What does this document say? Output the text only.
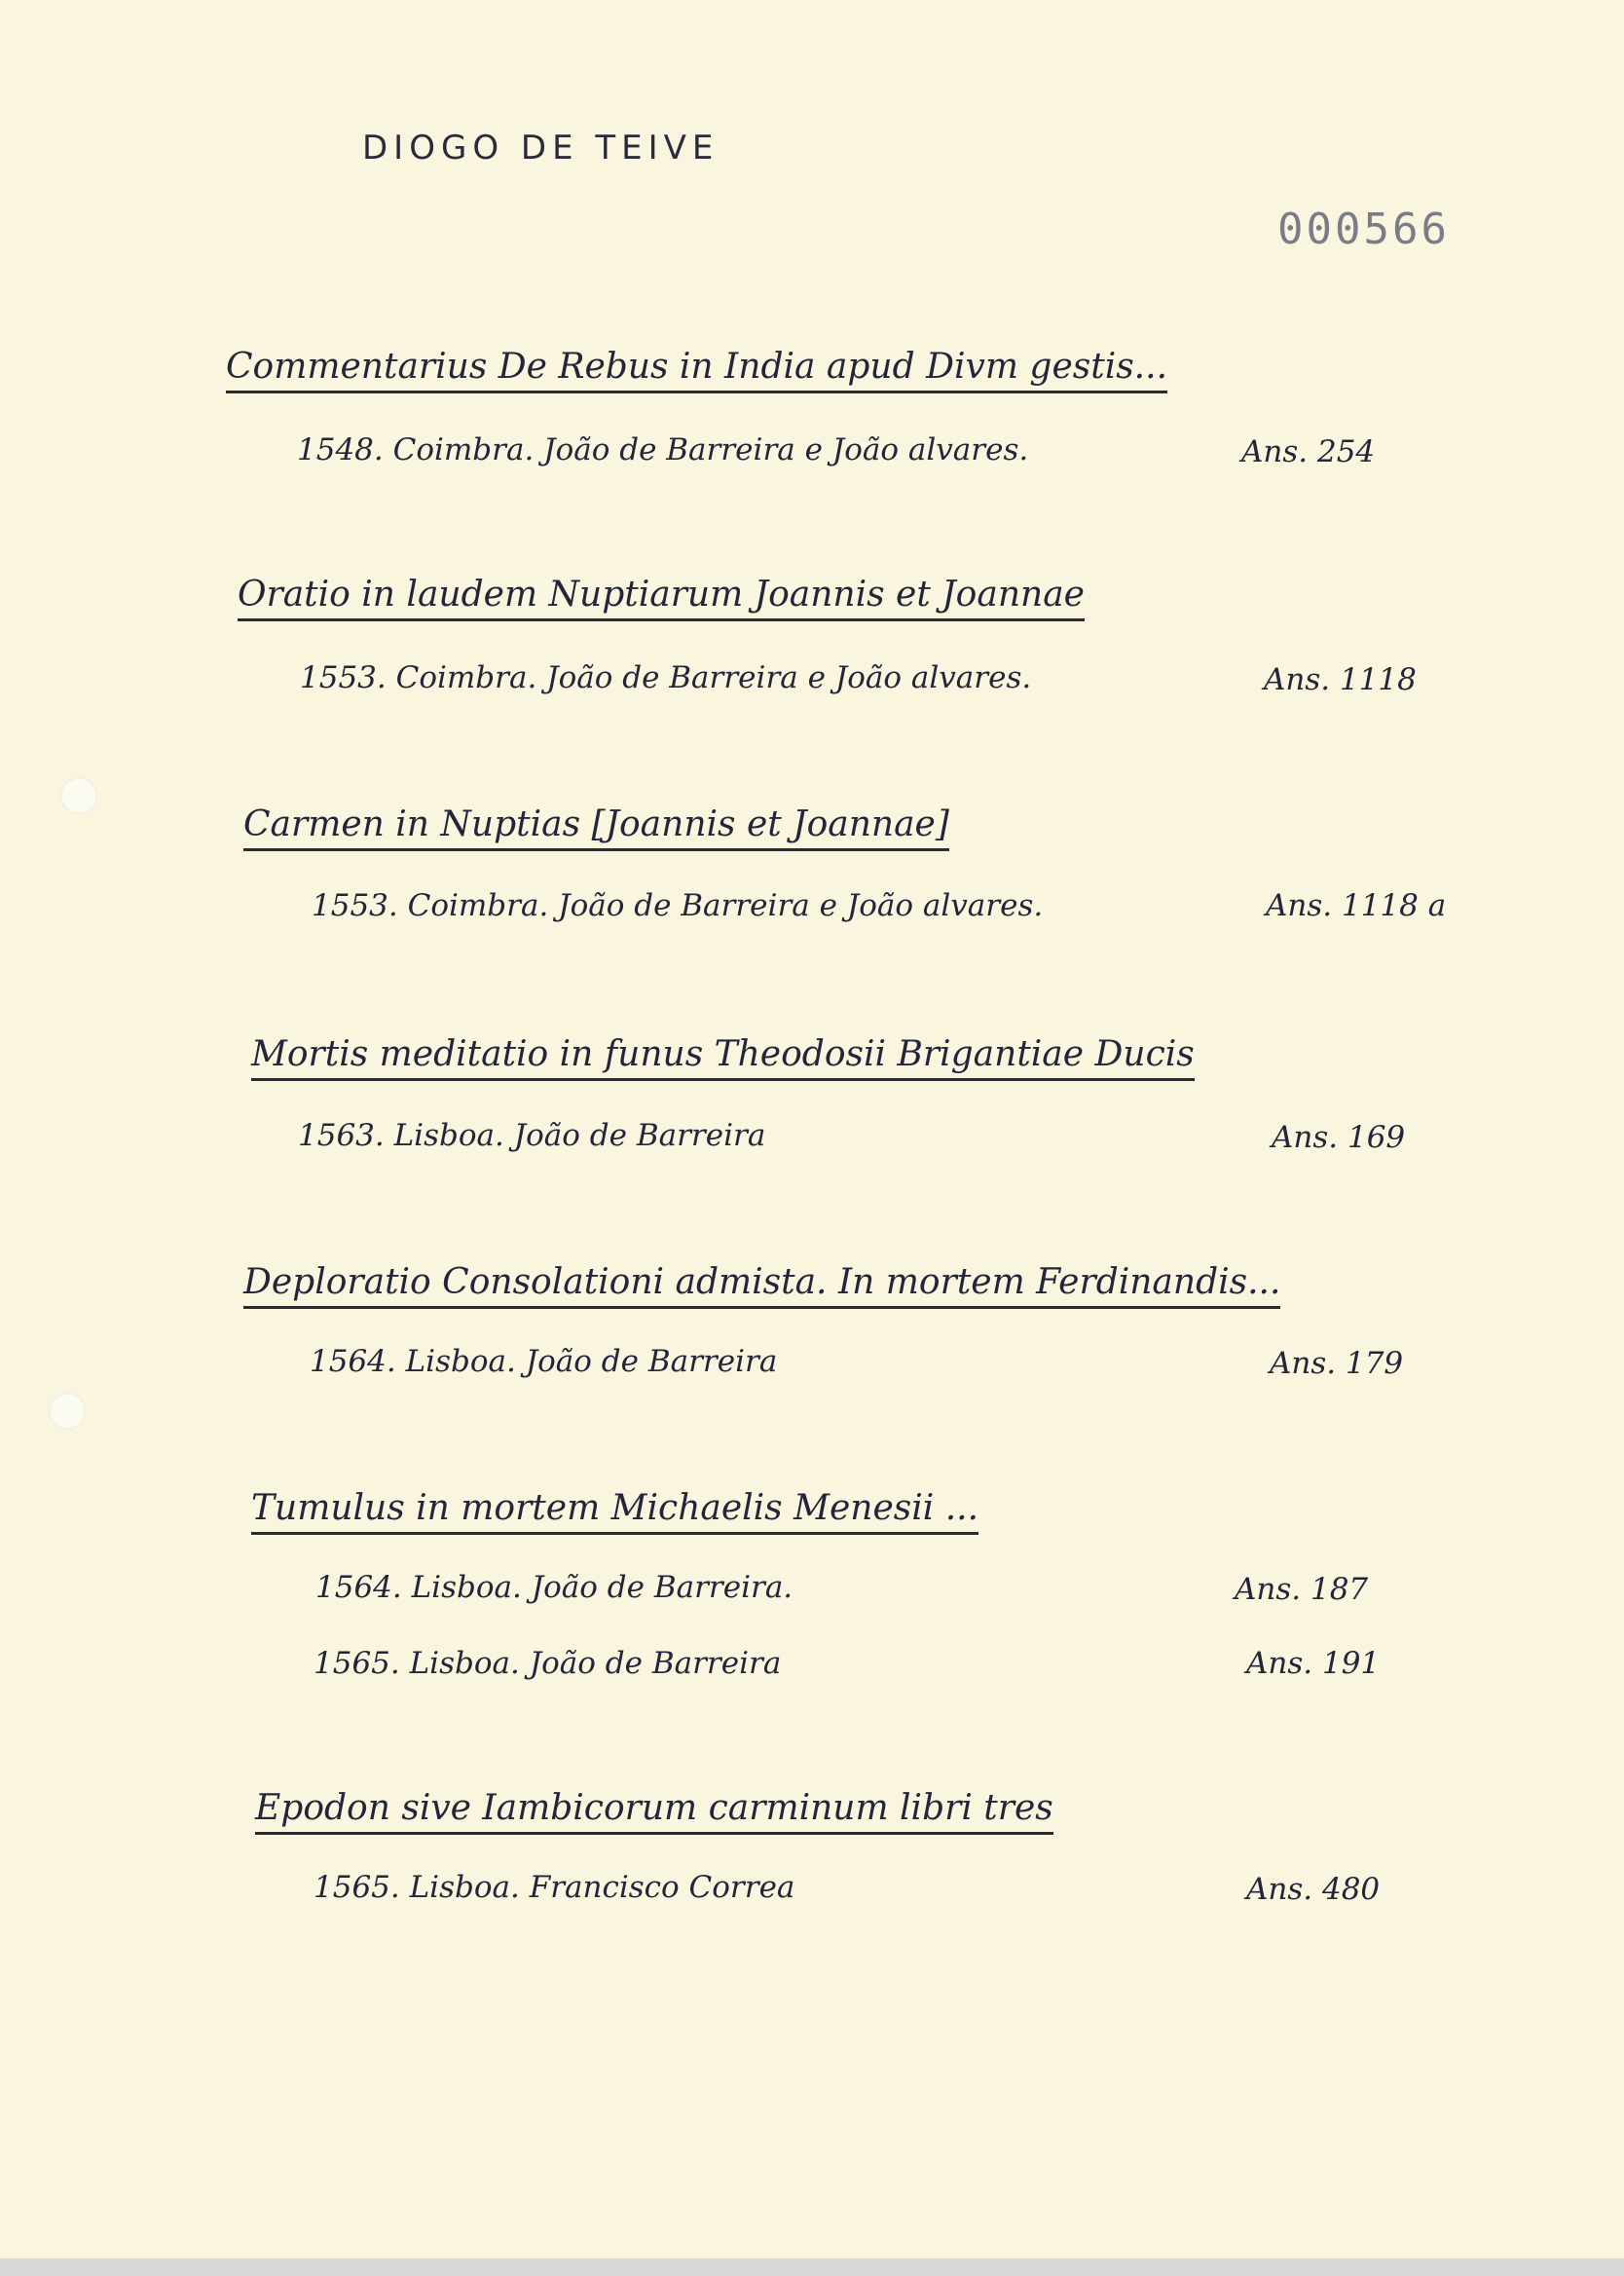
DIOGO DE TEIVE
000566
Commentarius De Rebus in India apud Divm gestis...
1548. Coimbra. João de Barreira e João alvares.	Ans. 254
Oratio in laudem Nuptiarum Joannis et Joannae
1553. Coimbra. João de Barreira e João alvares.	Ans. 1118
Carmen in Nuptias [Joannis et Joannae]
1553. Coimbra. João de Barreira e João alvares.	Ans. 1118 a
Mortis meditatio in funus Theodosii Brigantiae Ducis
1563. Lisboa. João de Barreira	Ans. 169
Deploratio Consolationi admista. In mortem Ferdinandis...
1564. Lisboa. João de Barreira	Ans. 179
Tumulus in mortem Michaelis Menesii ...
1564. Lisboa. João de Barreira.	Ans. 187
1565. Lisboa. João de Barreira	Ans. 191
Epodon sive Iambicorum carminum libri tres
1565. Lisboa. Francisco Correa	Ans. 480
